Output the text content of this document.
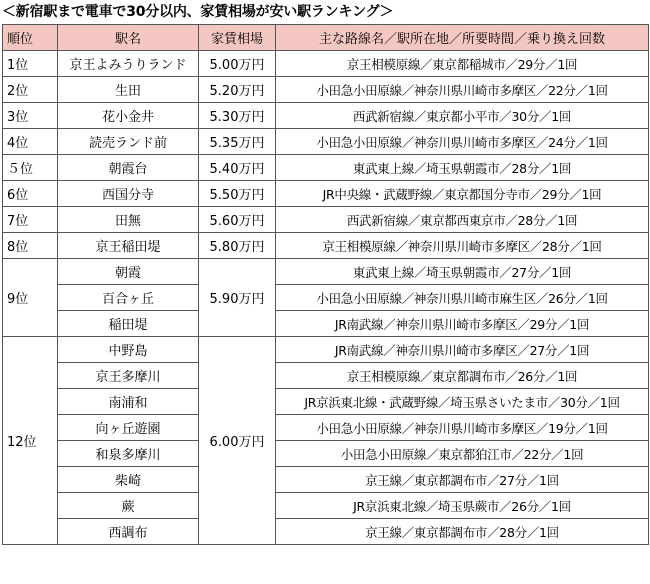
＜新宿駅まで電車で30分以内、家賃相場が安い駅ランキング＞
順位	駅名	家賃相場	主な路線名／駅所在地／所要時間／乗り換え回数
1位	京王よみうりランド	5.00万円	京王相模原線／東京都稲城市／29分／1回
2位	生田	5.20万円	小田急小田原線／神奈川県川崎市多摩区／22分／1回
3位	花小金井	5.30万円	西武新宿線／東京都小平市／30分／1回
4位	読売ランド前	5.35万円	小田急小田原線／神奈川県川崎市多摩区／24分／1回
５位	朝霞台	5.40万円	東武東上線／埼玉県朝霞市／28分／1回
6位	西国分寺	5.50万円	JR中央線・武蔵野線／東京都国分寺市／29分／1回
7位	田無	5.60万円	西武新宿線／東京都西東京市／28分／1回
8位	京王稲田堤	5.80万円	京王相模原線／神奈川県川崎市多摩区／28分／1回
9位	朝霞	5.90万円	東武東上線／埼玉県朝霞市／27分／1回
	百合ヶ丘		小田急小田原線／神奈川県川崎市麻生区／26分／1回
	稲田堤		JR南武線／神奈川県川崎市多摩区／29分／1回
12位	中野島	6.00万円	JR南武線／神奈川県川崎市多摩区／27分／1回
	京王多摩川		京王相模原線／東京都調布市／26分／1回
	南浦和		JR京浜東北線・武蔵野線／埼玉県さいたま市／30分／1回
	向ヶ丘遊園		小田急小田原線／神奈川県川崎市多摩区／19分／1回
	和泉多摩川		小田急小田原線／東京都狛江市／22分／1回
	柴崎		京王線／東京都調布市／27分／1回
	蕨		JR京浜東北線／埼玉県蕨市／26分／1回
	西調布		京王線／東京都調布市／28分／1回
